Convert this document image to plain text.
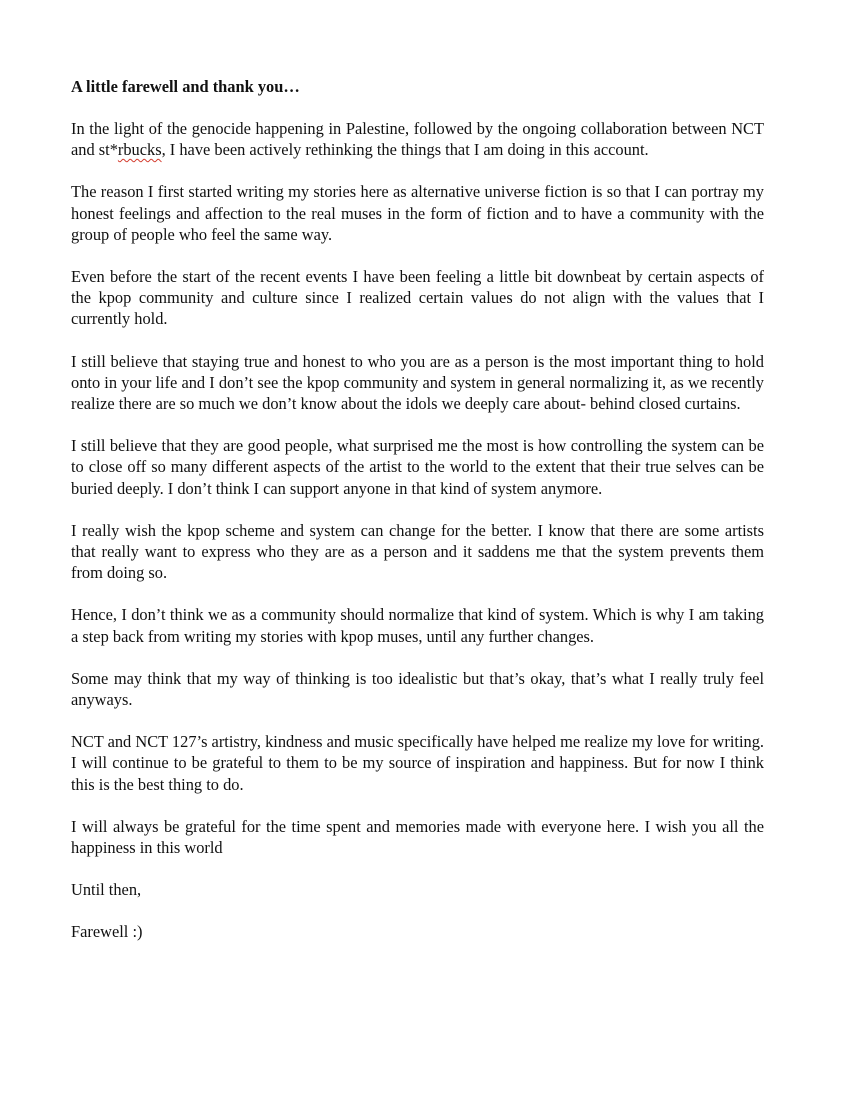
A little farewell and thank you…

In the light of the genocide happening in Palestine, followed by the ongoing collaboration between NCT and st*rbucks, I have been actively rethinking the things that I am doing in this account.

The reason I first started writing my stories here as alternative universe fiction is so that I can portray my honest feelings and affection to the real muses in the form of fiction and to have a community with the group of people who feel the same way.

Even before the start of the recent events I have been feeling a little bit downbeat by certain aspects of the kpop community and culture since I realized certain values do not align with the values that I currently hold.

I still believe that staying true and honest to who you are as a person is the most important thing to hold onto in your life and I don’t see the kpop community and system in general normalizing it, as we recently realize there are so much we don’t know about the idols we deeply care about- behind closed curtains.

I still believe that they are good people, what surprised me the most is how controlling the system can be to close off so many different aspects of the artist to the world to the extent that their true selves can be buried deeply. I don’t think I can support anyone in that kind of system anymore.

I really wish the kpop scheme and system can change for the better. I know that there are some artists that really want to express who they are as a person and it saddens me that the system prevents them from doing so.

Hence, I don’t think we as a community should normalize that kind of system. Which is why I am taking a step back from writing my stories with kpop muses, until any further changes.

Some may think that my way of thinking is too idealistic but that’s okay, that’s what I really truly feel anyways.

NCT and NCT 127’s artistry, kindness and music specifically have helped me realize my love for writing. I will continue to be grateful to them to be my source of inspiration and happiness. But for now I think this is the best thing to do.

I will always be grateful for the time spent and memories made with everyone here. I wish you all the happiness in this world

Until then,

Farewell :)
